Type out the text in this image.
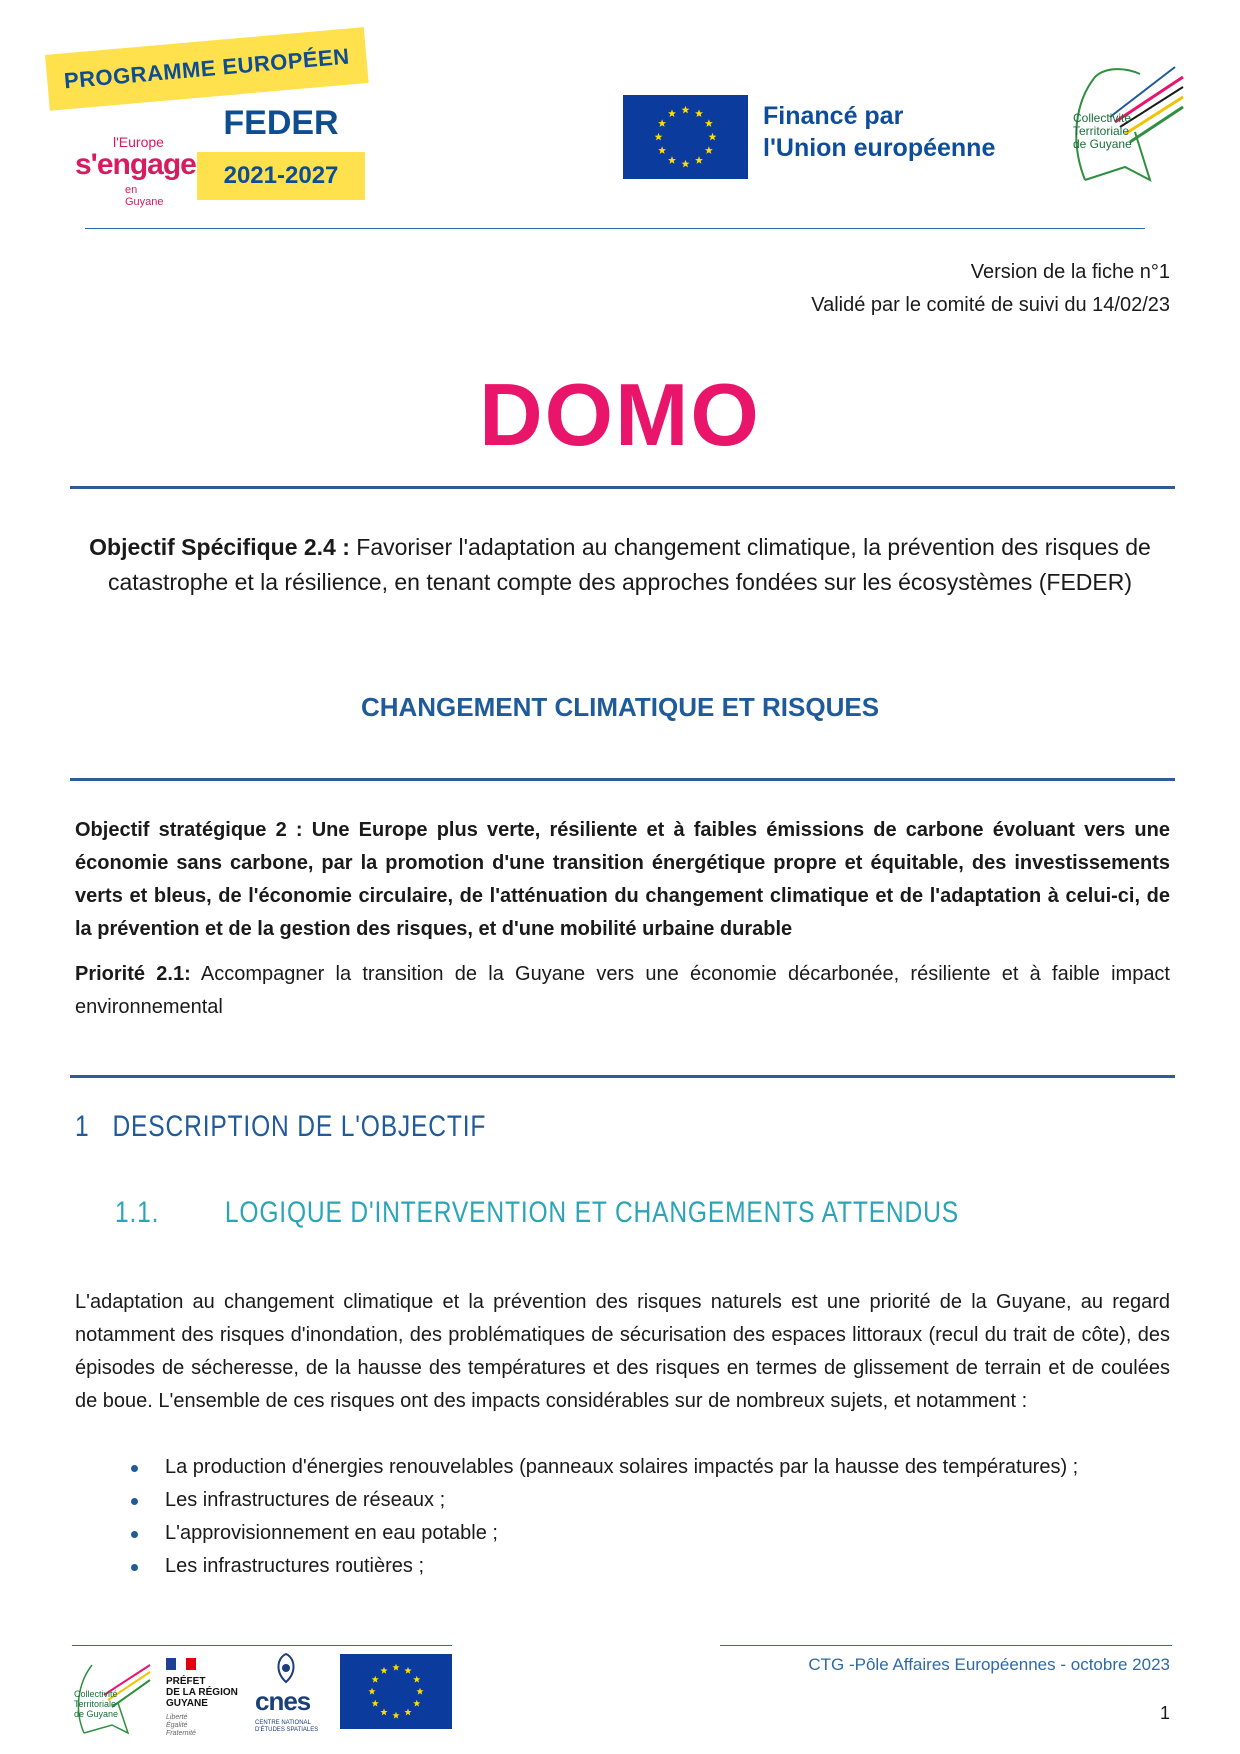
PROGRAMME EUROPÉEN
FEDER
2021-2027
l'Europe
s'engage
en Guyane
Financé par
l'Union européenne
Collectivité
Territoriale
de Guyane
Version de la fiche n°1
Validé par le comité de suivi du 14/02/23
DOMO
Objectif Spécifique 2.4 : Favoriser l'adaptation au changement climatique, la prévention des risques de catastrophe et la résilience, en tenant compte des approches fondées sur les écosystèmes (FEDER)
CHANGEMENT CLIMATIQUE ET RISQUES
Objectif stratégique 2 : Une Europe plus verte, résiliente et à faibles émissions de carbone évoluant vers une économie sans carbone, par la promotion d'une transition énergétique propre et équitable, des investissements verts et bleus, de l'économie circulaire, de l'atténuation du changement climatique et de l'adaptation à celui-ci, de la prévention et de la gestion des risques, et d'une mobilité urbaine durable
Priorité 2.1: Accompagner la transition de la Guyane vers une économie décarbonée, résiliente et à faible impact environnemental
1 DESCRIPTION DE L'OBJECTIF
1.1. LOGIQUE D'INTERVENTION ET CHANGEMENTS ATTENDUS
L'adaptation au changement climatique et la prévention des risques naturels est une priorité de la Guyane, au regard notamment des risques d'inondation, des problématiques de sécurisation des espaces littoraux (recul du trait de côte), des épisodes de sécheresse, de la hausse des températures et des risques en termes de glissement de terrain et de coulées de boue. L'ensemble de ces risques ont des impacts considérables sur de nombreux sujets, et notamment :
La production d'énergies renouvelables (panneaux solaires impactés par la hausse des températures) ;
Les infrastructures de réseaux ;
L'approvisionnement en eau potable ;
Les infrastructures routières ;
Collectivité
Territoriale
de Guyane
PRÉFET
DE LA RÉGION
GUYANE
Liberté
Égalité
Fraternité
cnes
CENTRE NATIONAL
D'ÉTUDES SPATIALES
CTG -Pôle Affaires Européennes - octobre 2023
1
